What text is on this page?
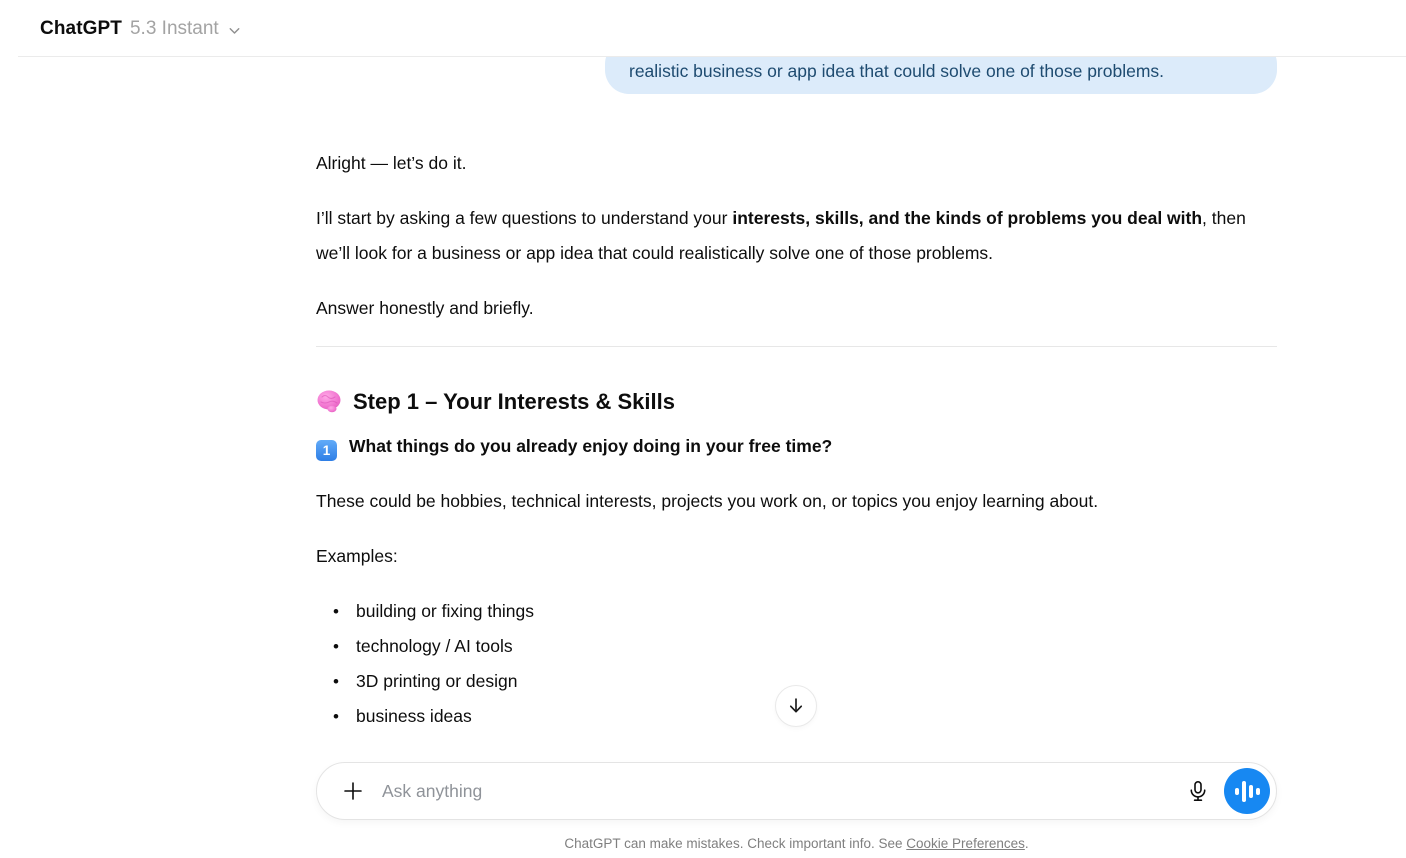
ChatGPT 5.3 Instant
realistic business or app idea that could solve one of those problems.

Alright — let’s do it.

I’ll start by asking a few questions to understand your interests, skills, and the kinds of problems you deal with, then we’ll look for a business or app idea that could realistically solve one of those problems.

Answer honestly and briefly.

Step 1 – Your Interests & Skills

1 What things do you already enjoy doing in your free time?

These could be hobbies, technical interests, projects you work on, or topics you enjoy learning about.

Examples:

• building or fixing things
• technology / AI tools
• 3D printing or design
• business ideas
Ask anything
ChatGPT can make mistakes. Check important info. See Cookie Preferences.
